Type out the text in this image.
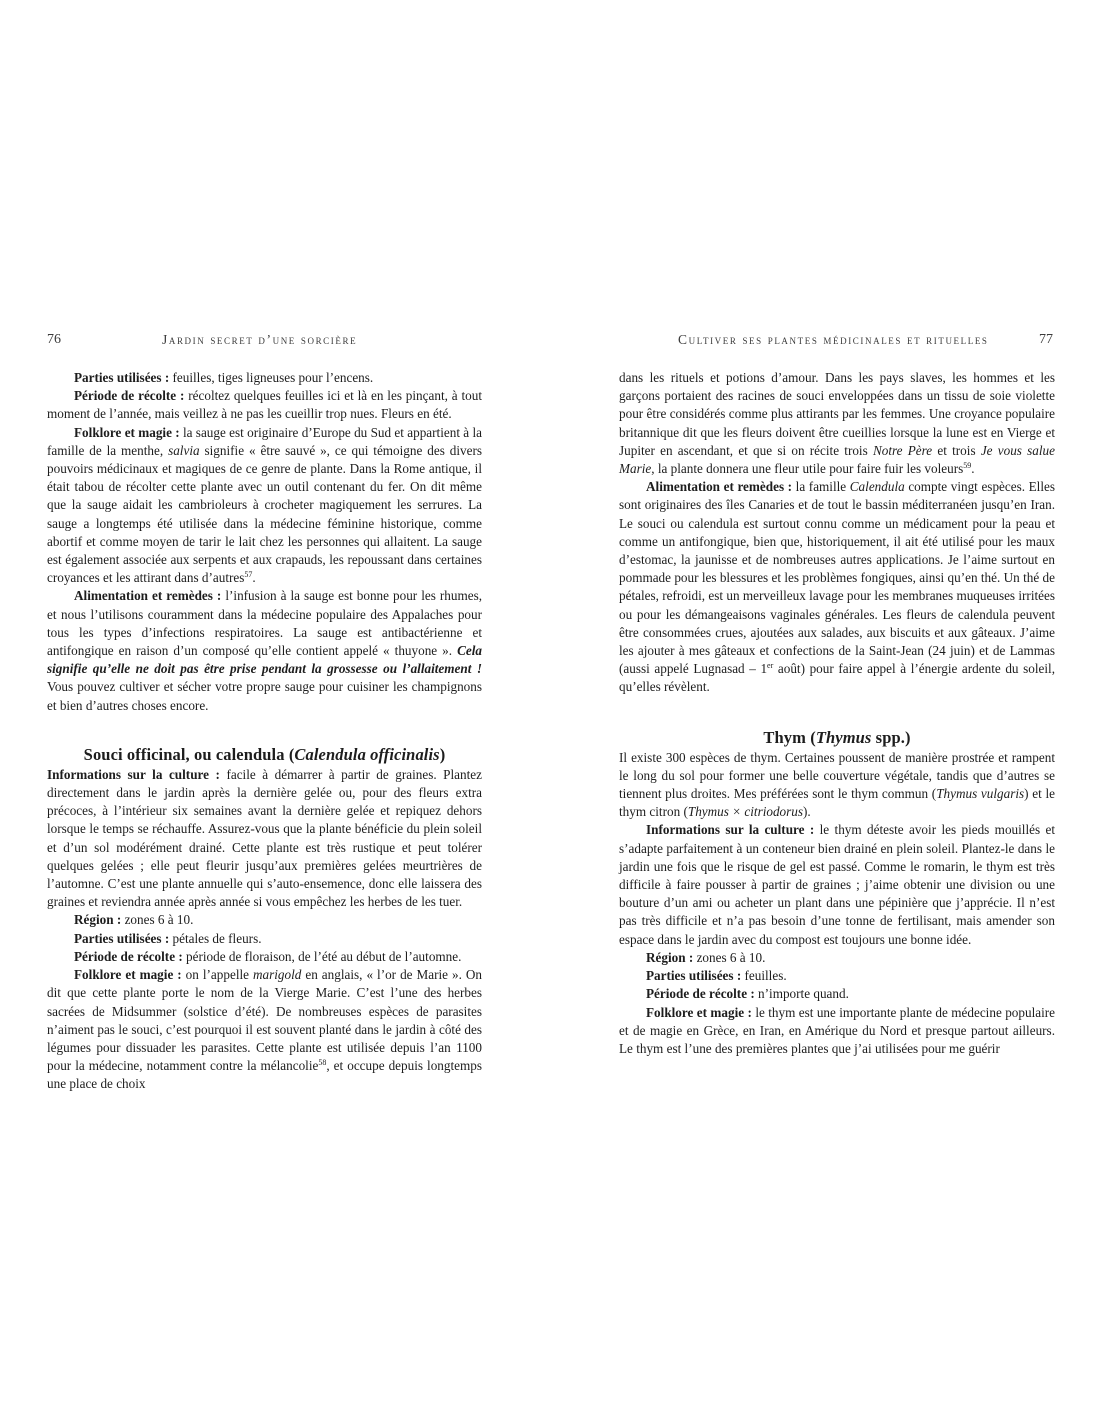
76	Jardin secret d’une sorcière

Parties utilisées : feuilles, tiges ligneuses pour l’encens.

Période de récolte : récoltez quelques feuilles ici et là en les pinçant, à tout moment de l’année, mais veillez à ne pas les cueillir trop nues. Fleurs en été.

Folklore et magie : la sauge est originaire d’Europe du Sud et appartient à la famille de la menthe, salvia signifie « être sauvé », ce qui témoigne des divers pouvoirs médicinaux et magiques de ce genre de plante. Dans la Rome antique, il était tabou de récolter cette plante avec un outil contenant du fer. On dit même que la sauge aidait les cambrioleurs à crocheter magiquement les serrures. La sauge a longtemps été utilisée dans la médecine féminine historique, comme abortif et comme moyen de tarir le lait chez les personnes qui allaitent. La sauge est également associée aux serpents et aux crapauds, les repoussant dans certaines croyances et les attirant dans d’autres$^{57}$.

Alimentation et remèdes : l’infusion à la sauge est bonne pour les rhumes, et nous l’utilisons couramment dans la médecine populaire des Appalaches pour tous les types d’infections respiratoires. La sauge est antibactérienne et antifongique en raison d’un composé qu’elle contient appelé « thuyone ». Cela signifie qu’elle ne doit pas être prise pendant la grossesse ou l’allaitement ! Vous pouvez cultiver et sécher votre propre sauge pour cuisiner les champignons et bien d’autres choses encore.

Souci officinal, ou calendula (Calendula officinalis)

Informations sur la culture : facile à démarrer à partir de graines. Plantez directement dans le jardin après la dernière gelée ou, pour des fleurs extra précoces, à l’intérieur six semaines avant la dernière gelée et repiquez dehors lorsque le temps se réchauffe. Assurez-vous que la plante bénéficie du plein soleil et d’un sol modérément drainé. Cette plante est très rustique et peut tolérer quelques gelées ; elle peut fleurir jusqu’aux premières gelées meurtrières de l’automne. C’est une plante annuelle qui s’auto-ensemence, donc elle laissera des graines et reviendra année après année si vous empêchez les herbes de les tuer.

Région : zones 6 à 10.

Parties utilisées : pétales de fleurs.

Période de récolte : période de floraison, de l’été au début de l’automne.

Folklore et magie : on l’appelle marigold en anglais, « l’or de Marie ». On dit que cette plante porte le nom de la Vierge Marie. C’est l’une des herbes sacrées de Midsummer (solstice d’été). De nombreuses espèces de parasites n’aiment pas le souci, c’est pourquoi il est souvent planté dans le jardin à côté des légumes pour dissuader les parasites. Cette plante est utilisée depuis l’an 1100 pour la médecine, notamment contre la mélancolie$^{58}$, et occupe depuis longtemps une place de choix

Cultiver ses plantes médicinales et rituelles	77

dans les rituels et potions d’amour. Dans les pays slaves, les hommes et les garçons portaient des racines de souci enveloppées dans un tissu de soie violette pour être considérés comme plus attirants par les femmes. Une croyance populaire britannique dit que les fleurs doivent être cueillies lorsque la lune est en Vierge et Jupiter en ascendant, et que si on récite trois Notre Père et trois Je vous salue Marie, la plante donnera une fleur utile pour faire fuir les voleurs$^{59}$.

Alimentation et remèdes : la famille Calendula compte vingt espèces. Elles sont originaires des îles Canaries et de tout le bassin méditerranéen jusqu’en Iran. Le souci ou calendula est surtout connu comme un médicament pour la peau et comme un antifongique, bien que, historiquement, il ait été utilisé pour les maux d’estomac, la jaunisse et de nombreuses autres applications. Je l’aime surtout en pommade pour les blessures et les problèmes fongiques, ainsi qu’en thé. Un thé de pétales, refroidi, est un merveilleux lavage pour les membranes muqueuses irritées ou pour les démangeaisons vaginales générales. Les fleurs de calendula peuvent être consommées crues, ajoutées aux salades, aux biscuits et aux gâteaux. J’aime les ajouter à mes gâteaux et confections de la Saint-Jean (24 juin) et de Lammas (aussi appelé Lugnasad – 1er août) pour faire appel à l’énergie ardente du soleil, qu’elles révèlent.

Thym (Thymus spp.)

Il existe 300 espèces de thym. Certaines poussent de manière prostrée et rampent le long du sol pour former une belle couverture végétale, tandis que d’autres se tiennent plus droites. Mes préférées sont le thym commun (Thymus vulgaris) et le thym citron (Thymus × citriodorus).

Informations sur la culture : le thym déteste avoir les pieds mouillés et s’adapte parfaitement à un conteneur bien drainé en plein soleil. Plantez-le dans le jardin une fois que le risque de gel est passé. Comme le romarin, le thym est très difficile à faire pousser à partir de graines ; j’aime obtenir une division ou une bouture d’un ami ou acheter un plant dans une pépinière que j’apprécie. Il n’est pas très difficile et n’a pas besoin d’une tonne de fertilisant, mais amender son espace dans le jardin avec du compost est toujours une bonne idée.

Région : zones 6 à 10.

Parties utilisées : feuilles.

Période de récolte : n’importe quand.

Folklore et magie : le thym est une importante plante de médecine populaire et de magie en Grèce, en Iran, en Amérique du Nord et presque partout ailleurs. Le thym est l’une des premières plantes que j’ai utilisées pour me guérir
